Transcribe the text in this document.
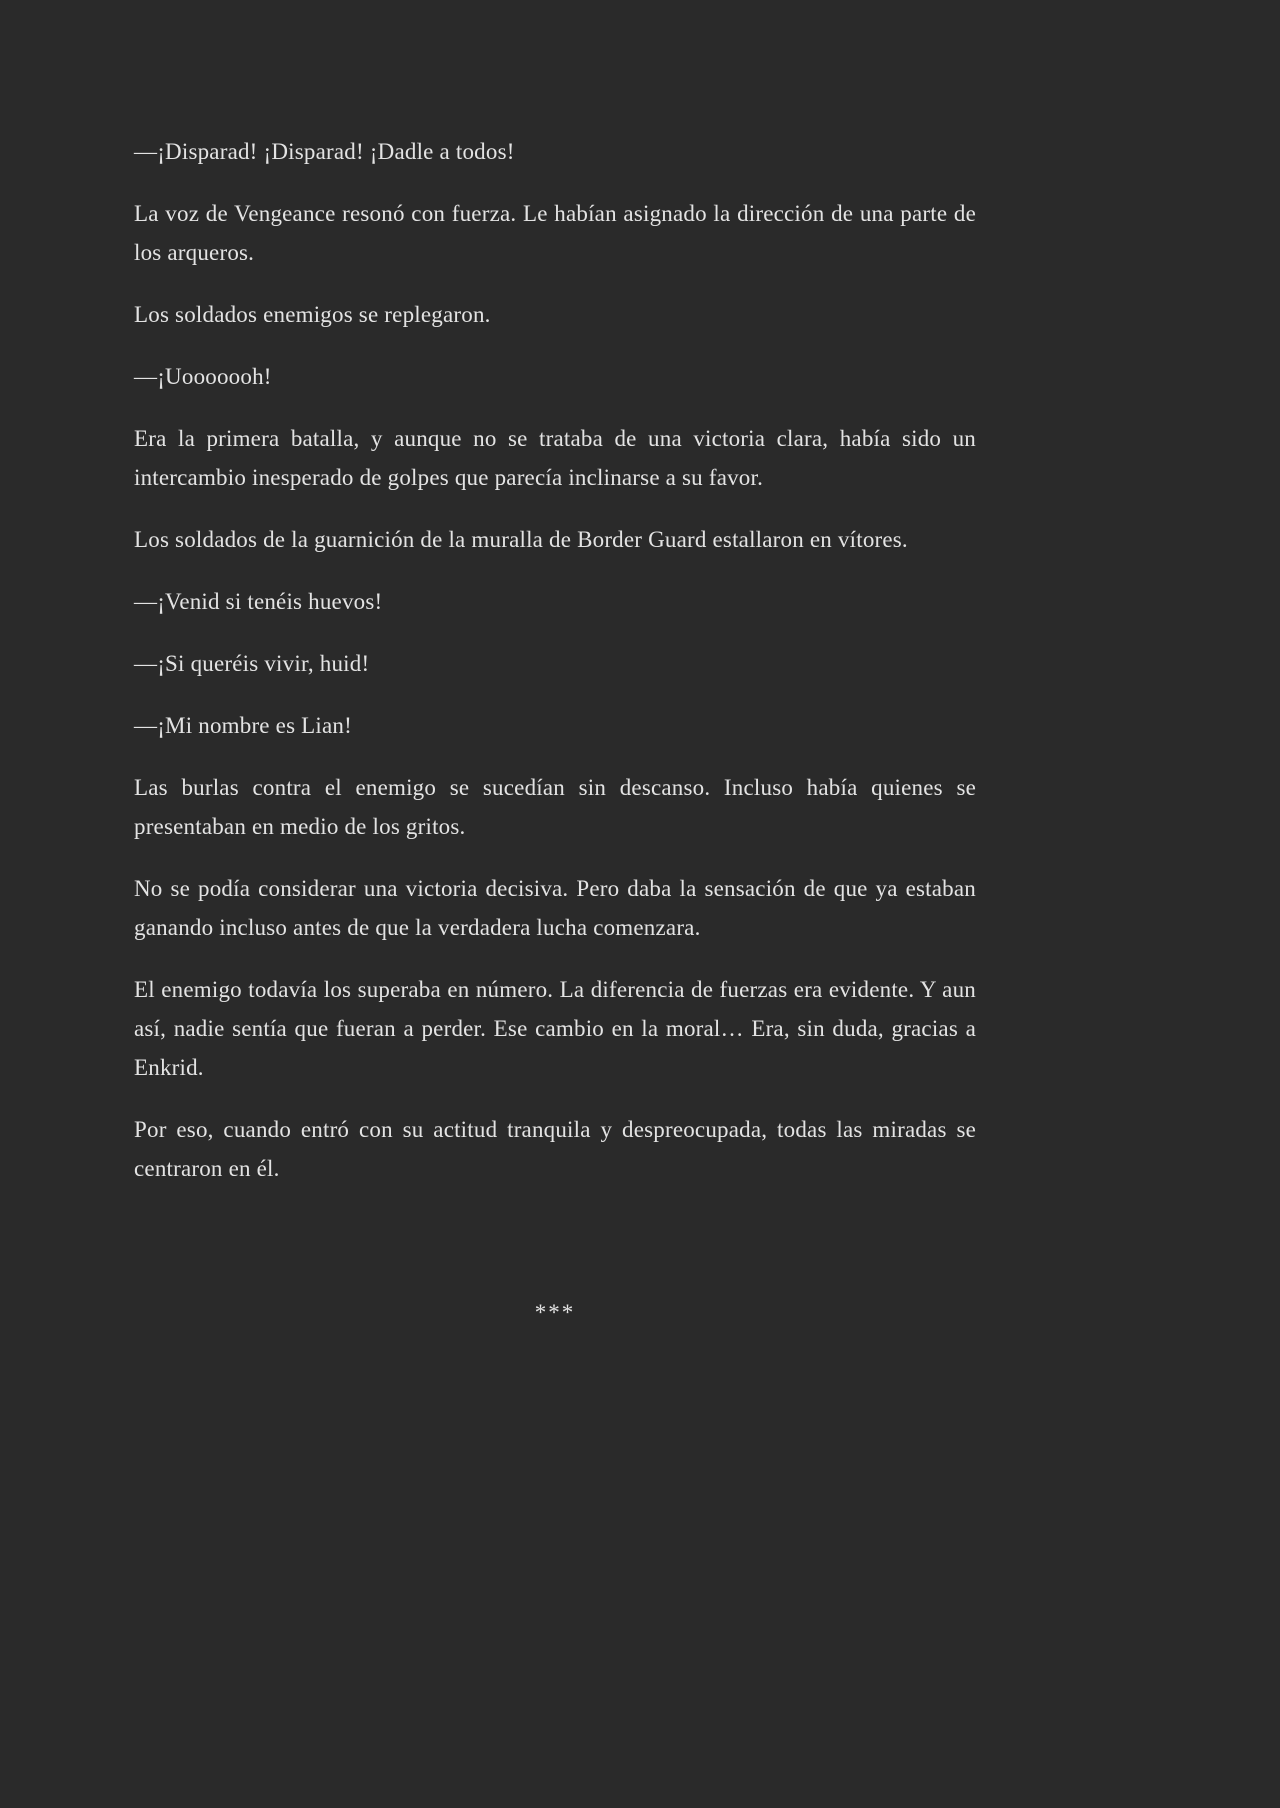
—¡Disparad! ¡Disparad! ¡Dadle a todos!

La voz de Vengeance resonó con fuerza. Le habían asignado la dirección de una parte de los arqueros.

Los soldados enemigos se replegaron.

—¡Uooooooh!

Era la primera batalla, y aunque no se trataba de una victoria clara, había sido un intercambio inesperado de golpes que parecía inclinarse a su favor.

Los soldados de la guarnición de la muralla de Border Guard estallaron en vítores.

—¡Venid si tenéis huevos!

—¡Si queréis vivir, huid!

—¡Mi nombre es Lian!

Las burlas contra el enemigo se sucedían sin descanso. Incluso había quienes se presentaban en medio de los gritos.

No se podía considerar una victoria decisiva. Pero daba la sensación de que ya estaban ganando incluso antes de que la verdadera lucha comenzara.

El enemigo todavía los superaba en número. La diferencia de fuerzas era evidente. Y aun así, nadie sentía que fueran a perder. Ese cambio en la moral… Era, sin duda, gracias a Enkrid.

Por eso, cuando entró con su actitud tranquila y despreocupada, todas las miradas se centraron en él.

***
